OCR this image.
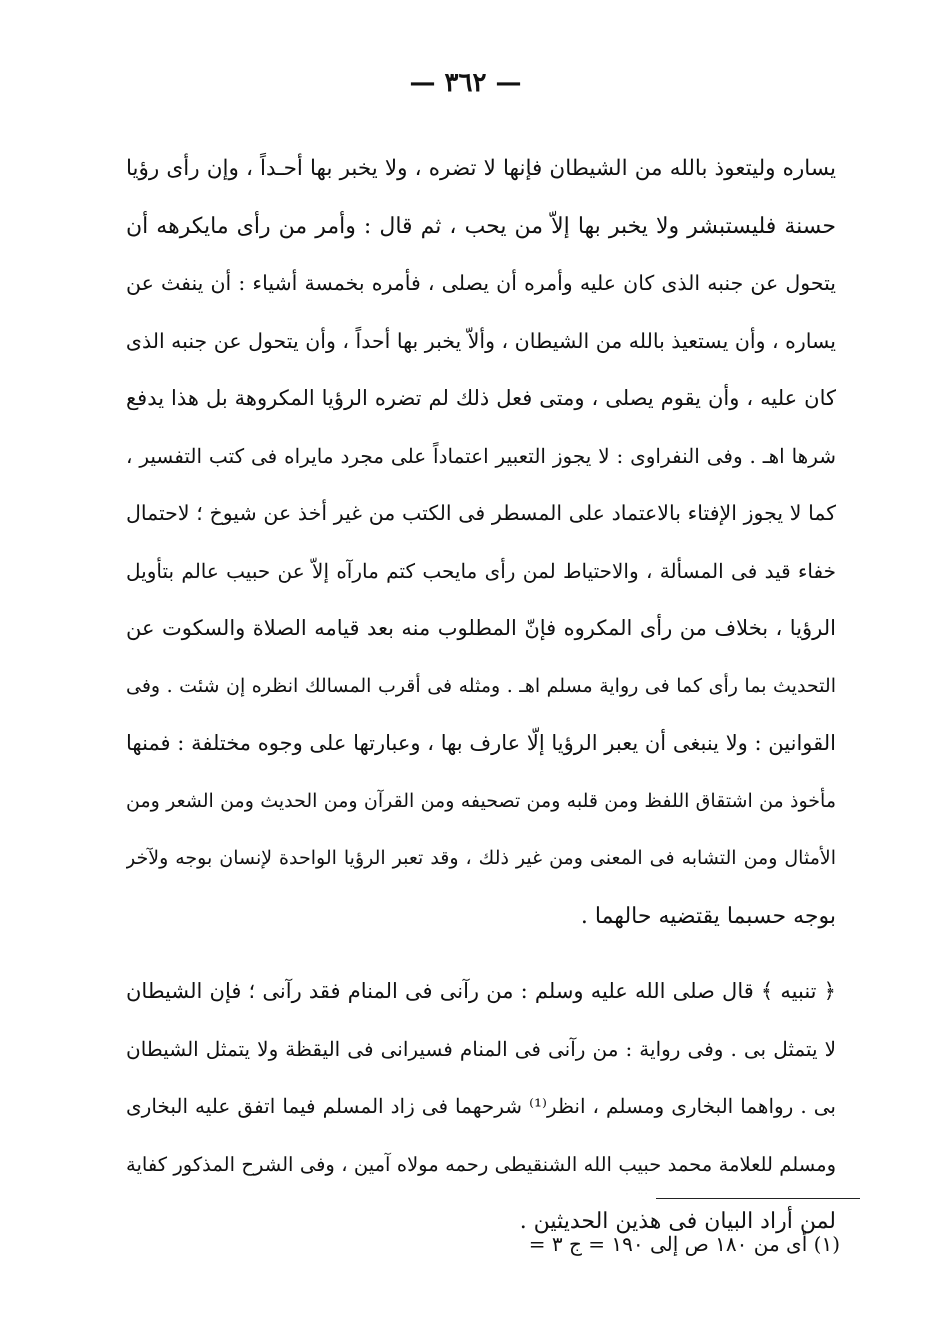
— ٣٦٢ —
يساره وليتعوذ بالله من الشيطان فإنها لا تضره ، ولا يخبر بها أحـداً ، وإن رأى رؤيا
حسنة فليستبشر ولا يخبر بها إلاّ من يحب ، ثم قال : وأمر من رأى مايكرهه أن
يتحول عن جنبه الذى كان عليه وأمره أن يصلى ، فأمره بخمسة أشياء : أن ينفث عن
يساره ، وأن يستعيذ بالله من الشيطان ، وألاّ يخبر بها أحداً ، وأن يتحول عن جنبه الذى
كان عليه ، وأن يقوم يصلى ، ومتى فعل ذلك لم تضره الرؤيا المكروهة بل هذا يدفع
شرها اهـ . وفى النفراوى : لا يجوز التعبير اعتماداً على مجرد مايراه فى كتب التفسير ،
كما لا يجوز الإفتاء بالاعتماد على المسطر فى الكتب من غير أخذ عن شيوخ ؛ لاحتمال
خفاء قيد فى المسألة ، والاحتياط لمن رأى مايحب كتم مارآه إلاّ عن حبيب عالم بتأويل
الرؤيا ، بخلاف من رأى المكروه فإنّ المطلوب منه بعد قيامه الصلاة والسكوت عن
التحديث بما رأى كما فى رواية مسلم اهـ . ومثله فى أقرب المسالك انظره إن شئت . وفى
القوانين : ولا ينبغى أن يعبر الرؤيا إلّا عارف بها ، وعبارتها على وجوه مختلفة : فمنها
مأخوذ من اشتقاق اللفظ ومن قلبه ومن تصحيفه ومن القرآن ومن الحديث ومن الشعر ومن
الأمثال ومن التشابه فى المعنى ومن غير ذلك ، وقد تعبر الرؤيا الواحدة لإنسان بوجه ولآخر
بوجه حسبما يقتضيه حالهما .
﴿ تنبيه ﴾ قال صلى الله عليه وسلم : من رآنى فى المنام فقد رآنى ؛ فإن الشيطان
لا يتمثل بى . وفى رواية : من رآنى فى المنام فسيرانى فى اليقظة ولا يتمثل الشيطان
بى . رواهما البخارى ومسلم ، انظر⁽¹⁾ شرحهما فى زاد المسلم فيما اتفق عليه البخارى
ومسلم للعلامة محمد حبيب الله الشنقيطى رحمه مولاه آمين ، وفى الشرح المذكور كفاية
لمن أراد البيان فى هذين الحديثين .
(١) أى من ١٨٠ ص إلى ١٩٠ = ج ٣ =
